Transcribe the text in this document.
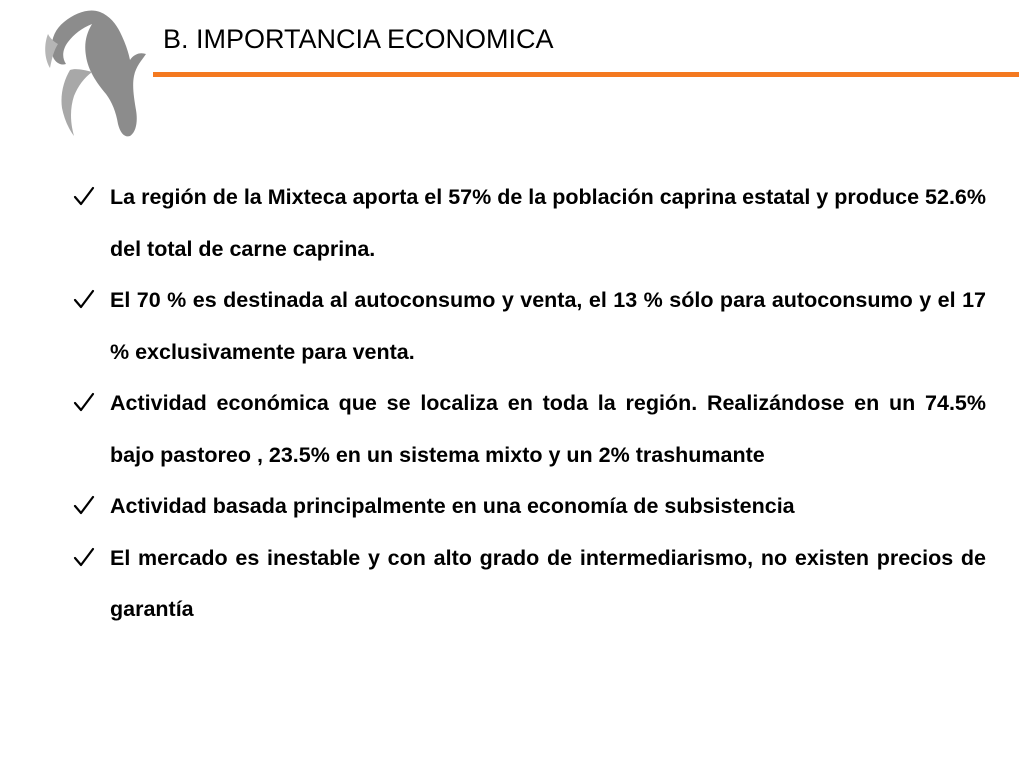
B. IMPORTANCIA ECONOMICA
La región de la Mixteca aporta el 57% de la población caprina estatal y produce 52.6% del total de carne caprina.
El 70 % es destinada al autoconsumo y venta, el 13 % sólo para autoconsumo y el 17 % exclusivamente para venta.
Actividad económica que se localiza en toda la región. Realizándose en un 74.5% bajo pastoreo , 23.5% en un sistema mixto y un 2% trashumante
Actividad basada principalmente en una economía de subsistencia
El mercado es inestable y con alto grado de intermediarismo, no existen precios de garantía
